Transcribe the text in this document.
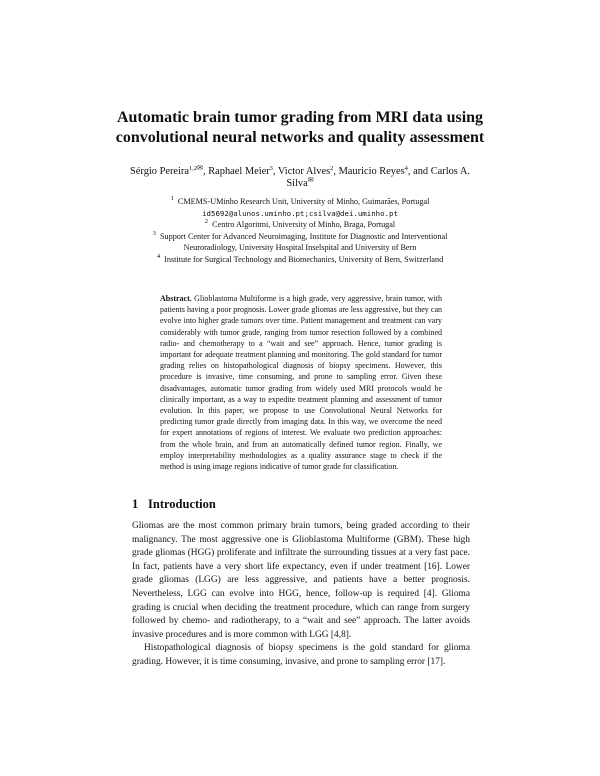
Automatic brain tumor grading from MRI data using
convolutional neural networks and quality assessment
Sérgio Pereira$^{1,2✉}$, Raphael Meier$^3$, Victor Alves$^2$, Mauricio Reyes$^4$, and Carlos A. Silva✉
$^1$ CMEMS-UMinho Research Unit, University of Minho, Guimarães, Portugal
id5692@alunos.uminho.pt;csilva@dei.uminho.pt
$^2$ Centro Algoritmi, University of Minho, Braga, Portugal
$^3$ Support Center for Advanced Neuroimaging, Institute for Diagnostic and Interventional
Neuroradiology, University Hospital Inselspital and University of Bern
$^4$ Institute for Surgical Technology and Biomechanics, University of Bern, Switzerland

Abstract. Glioblastoma Multiforme is a high grade, very aggressive, brain tumor, with patients having a poor prognosis. Lower grade gliomas are less aggressive, but they can evolve into higher grade tumors over time. Patient management and treatment can vary considerably with tumor grade, ranging from tumor resection followed by a combined radio- and chemotherapy to a “wait and see” approach. Hence, tumor grading is important for adequate treatment planning and monitoring. The gold standard for tumor grading relies on histopathological diagnosis of biopsy specimens. However, this procedure is invasive, time consuming, and prone to sampling error. Given these disadvantages, automatic tumor grading from widely used MRI protocols would be clinically important, as a way to expedite treatment planning and assessment of tumor evolution. In this paper, we propose to use Convolutional Neural Networks for predicting tumor grade directly from imaging data. In this way, we overcome the need for expert annotations of regions of interest. We evaluate two prediction approaches: from the whole brain, and from an automatically defined tumor region. Finally, we employ interpretability methodologies as a quality assurance stage to check if the method is using image regions indicative of tumor grade for classification.

1 Introduction

Gliomas are the most common primary brain tumors, being graded according to their malignancy. The most aggressive one is Glioblastoma Multiforme (GBM). These high grade gliomas (HGG) proliferate and infiltrate the surrounding tissues at a very fast pace. In fact, patients have a very short life expectancy, even if under treatment [16]. Lower grade gliomas (LGG) are less aggressive, and patients have a better prognosis. Nevertheless, LGG can evolve into HGG, hence, follow-up is required [4]. Glioma grading is crucial when deciding the treatment procedure, which can range from surgery followed by chemo- and radiotherapy, to a “wait and see” approach. The latter avoids invasive procedures and is more common with LGG [4,8].

Histopathological diagnosis of biopsy specimens is the gold standard for glioma grading. However, it is time consuming, invasive, and prone to sampling error [17].
